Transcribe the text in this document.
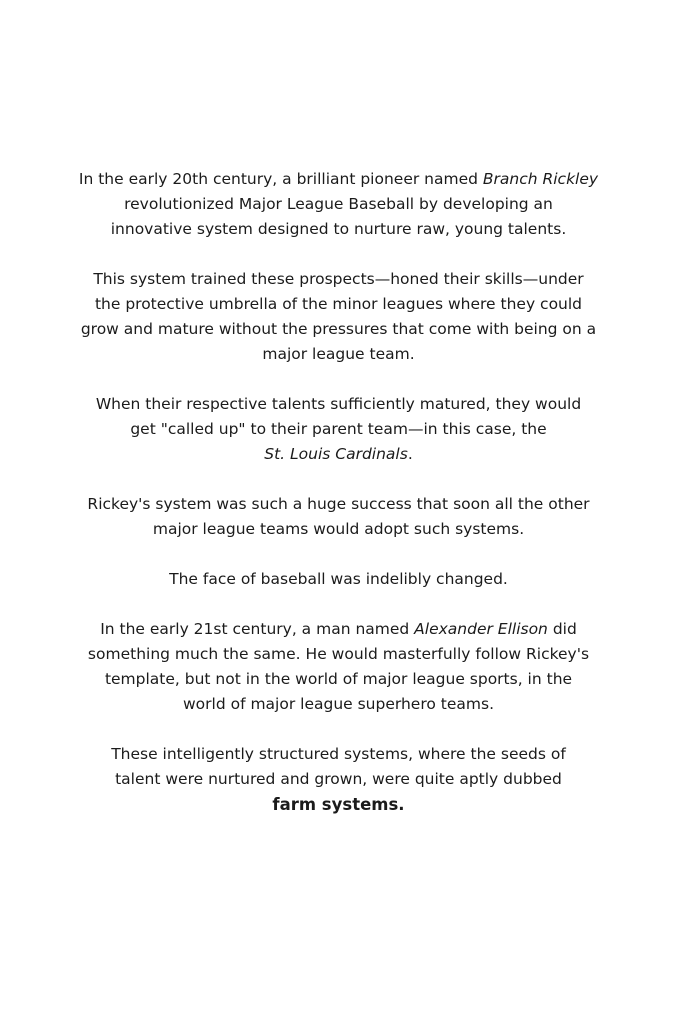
In the early 20th century, a brilliant pioneer named Branch Rickley
revolutionized Major League Baseball by developing an
innovative system designed to nurture raw, young talents.

This system trained these prospects—honed their skills—under
the protective umbrella of the minor leagues where they could
grow and mature without the pressures that come with being on a
major league team.

When their respective talents sufficiently matured, they would
get "called up" to their parent team—in this case, the
St. Louis Cardinals.

Rickey's system was such a huge success that soon all the other
major league teams would adopt such systems.

The face of baseball was indelibly changed.

In the early 21st century, a man named Alexander Ellison did
something much the same. He would masterfully follow Rickey's
template, but not in the world of major league sports, in the
world of major league superhero teams.

These intelligently structured systems, where the seeds of
talent were nurtured and grown, were quite aptly dubbed
farm systems.
